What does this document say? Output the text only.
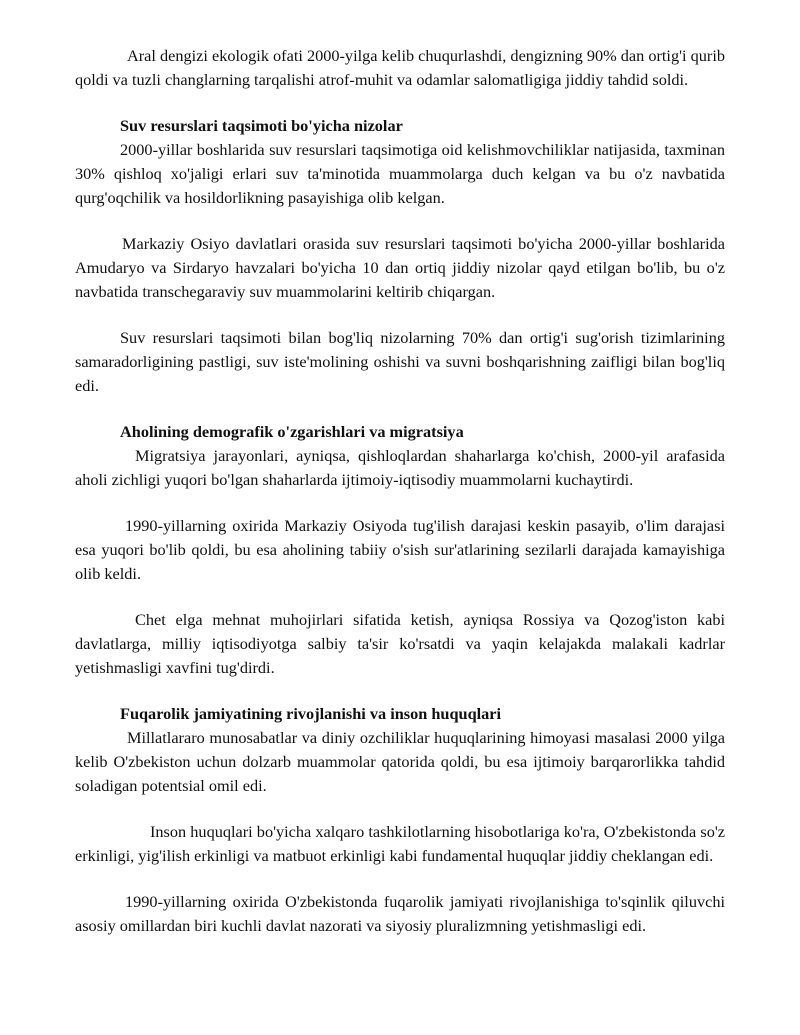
Aral dengizi ekologik ofati 2000-yilga kelib chuqurlashdi, dengizning 90% dan ortig'i qurib qoldi va tuzli changlarning tarqalishi atrof-muhit va odamlar salomatligiga jiddiy tahdid soldi.

Suv resurslari taqsimoti bo'yicha nizolar

2000-yillar boshlarida suv resurslari taqsimotiga oid kelishmovchiliklar natijasida, taxminan 30% qishloq xo'jaligi erlari suv ta'minotida muammolarga duch kelgan va bu o'z navbatida qurg'oqchilik va hosildorlikning pasayishiga olib kelgan.

Markaziy Osiyo davlatlari orasida suv resurslari taqsimoti bo'yicha 2000-yillar boshlarida Amudaryo va Sirdaryo havzalari bo'yicha 10 dan ortiq jiddiy nizolar qayd etilgan bo'lib, bu o'z navbatida transchegaraviy suv muammolarini keltirib chiqargan.

Suv resurslari taqsimoti bilan bog'liq nizolarning 70% dan ortig'i sug'orish tizimlarining samaradorligining pastligi, suv iste'molining oshishi va suvni boshqarishning zaifligi bilan bog'liq edi.

Aholining demografik o'zgarishlari va migratsiya

Migratsiya jarayonlari, ayniqsa, qishloqlardan shaharlarga ko'chish, 2000-yil arafasida aholi zichligi yuqori bo'lgan shaharlarda ijtimoiy-iqtisodiy muammolarni kuchaytirdi.

1990-yillarning oxirida Markaziy Osiyoda tug'ilish darajasi keskin pasayib, o'lim darajasi esa yuqori bo'lib qoldi, bu esa aholining tabiiy o'sish sur'atlarining sezilarli darajada kamayishiga olib keldi.

Chet elga mehnat muhojirlari sifatida ketish, ayniqsa Rossiya va Qozog'iston kabi davlatlarga, milliy iqtisodiyotga salbiy ta'sir ko'rsatdi va yaqin kelajakda malakali kadrlar yetishmasligi xavfini tug'dirdi.

Fuqarolik jamiyatining rivojlanishi va inson huquqlari

Millatlararo munosabatlar va diniy ozchiliklar huquqlarining himoyasi masalasi 2000 yilga kelib O'zbekiston uchun dolzarb muammolar qatorida qoldi, bu esa ijtimoiy barqarorlikka tahdid soladigan potentsial omil edi.

Inson huquqlari bo'yicha xalqaro tashkilotlarning hisobotlariga ko'ra, O'zbekistonda so'z erkinligi, yig'ilish erkinligi va matbuot erkinligi kabi fundamental huquqlar jiddiy cheklangan edi.

1990-yillarning oxirida O'zbekistonda fuqarolik jamiyati rivojlanishiga to'sqinlik qiluvchi asosiy omillardan biri kuchli davlat nazorati va siyosiy pluralizmning yetishmasligi edi.
